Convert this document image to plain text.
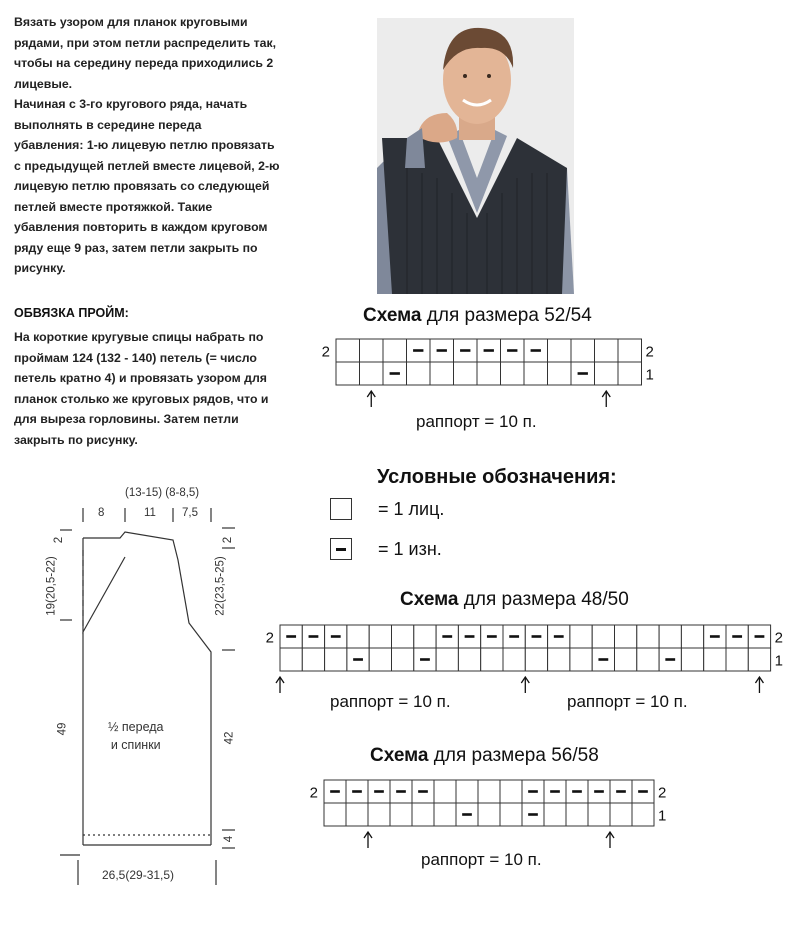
Вязать узором для планок круговыми
рядами, при этом петли распределить так,
чтобы на середину переда приходились 2
лицевые.
Начиная с 3-го кругового ряда, начать
выполнять в середине переда
убавления: 1-ю лицевую петлю провязать
с предыдущей петлей вместе лицевой, 2-ю
лицевую петлю провязать со следующей
петлей вместе протяжкой. Такие
убавления повторить в каждом круговом
ряду еще 9 раз, затем петли закрыть по
рисунку.
ОБВЯЗКА ПРОЙМ:
На короткие кругувые спицы набрать по
проймам 124 (132 - 140) петель (= число
петель кратно 4) и провязать узором для
планок столько же круговых рядов, что и
для выреза горловины. Затем петли
закрыть по рисунку.
Схема для размера 52/54
2	2
1
раппорт = 10 п.
Условные обозначения:
= 1 лиц.
= 1 изн.
Схема для размера 48/50
2	2
1
раппорт = 10 п.	раппорт = 10 п.
Схема для размера 56/58
2	2
1
раппорт = 10 п.
(13-15) (8-8,5)
8	11 7,5
2
19(20,5-22)
49
2
22(23,5-25)
42
4
½ переда
и спинки
26,5(29-31,5)
